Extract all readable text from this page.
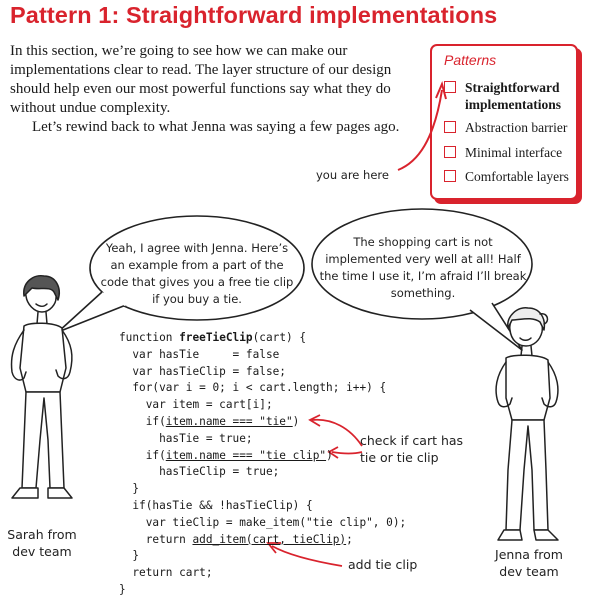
Pattern 1: Straightforward implementations

In this section, we’re going to see how we can make our implementations clear to read. The layer structure of our design should help even our most powerful functions say what they do without undue complexity.

Let’s rewind back to what Jenna was saying a few pages ago.

Patterns
Straightforward implementations
Abstraction barrier
Minimal interface
Comfortable layers
you are here
Yeah, I agree with Jenna. Here’s an example from a part of the code that gives you a free tie clip if you buy a tie.
The shopping cart is not implemented very well at all! Half the time I use it, I’m afraid I’ll break something.
check if cart has tie or tie clip
add tie clip
Sarah from dev team	Jenna from dev team
function freeTieClip(cart) {
var hasTie     = false
var hasTieClip = false;
for(var i = 0; i < cart.length; i++) {
var item = cart[i];
if(item.name === "tie")
hasTie = true;
if(item.name === "tie clip")
hasTieClip = true;
}
if(hasTie && !hasTieClip) {
var tieClip = make_item("tie clip", 0);
return add_item(cart, tieClip);
}
return cart;
}
